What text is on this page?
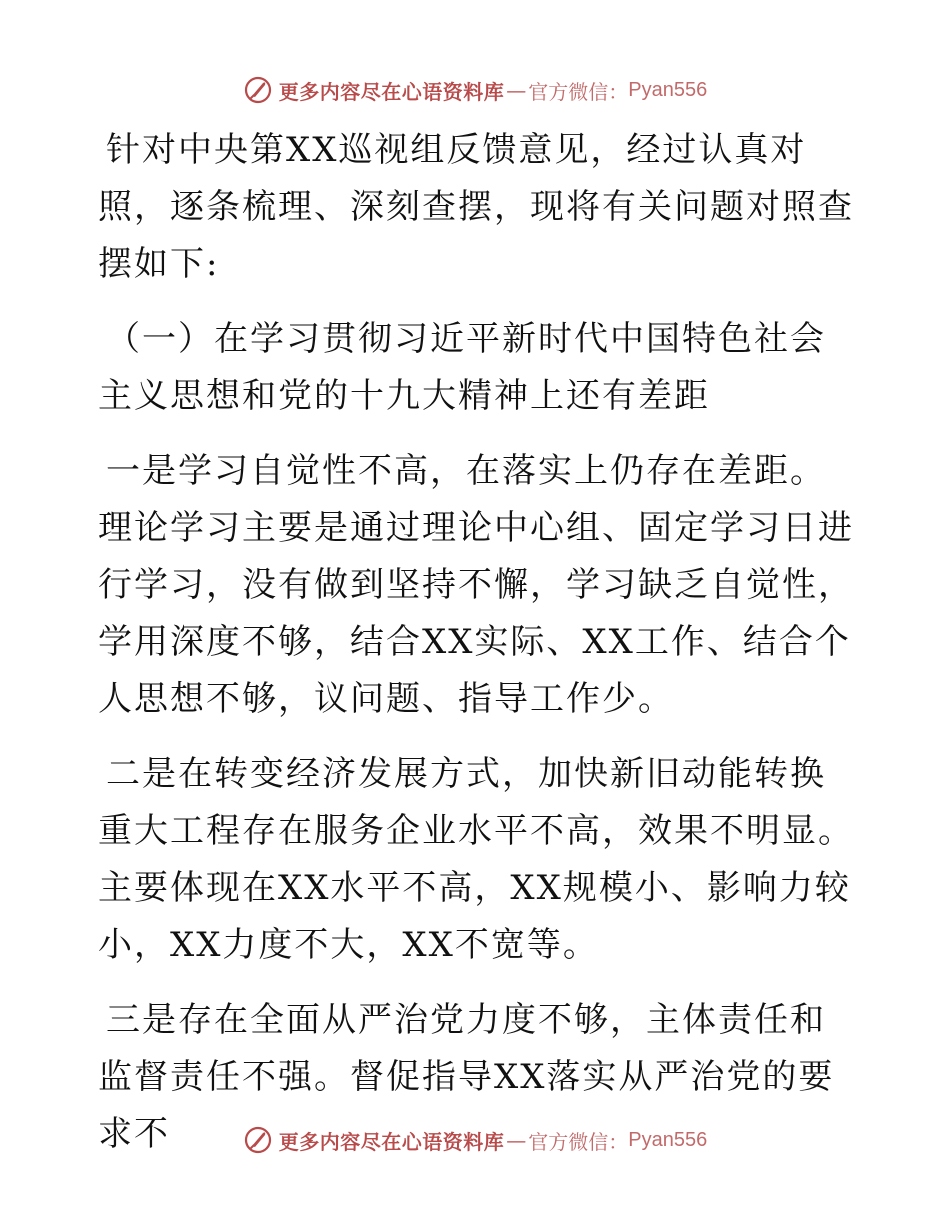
更多内容尽在心语资料库 — 官方微信： Pyan556

针对中央第XX巡视组反馈意见，经过认真对照，逐条梳理、深刻查摆，现将有关问题对照查摆如下:

（一）在学习贯彻习近平新时代中国特色社会主义思想和党的十九大精神上还有差距

一是学习自觉性不高，在落实上仍存在差距。理论学习主要是通过理论中心组、固定学习日进行学习，没有做到坚持不懈，学习缺乏自觉性，学用深度不够，结合XX实际、XX工作、结合个人思想不够，议问题、指导工作少。

二是在转变经济发展方式，加快新旧动能转换重大工程存在服务企业水平不高，效果不明显。主要体现在XX水平不高，XX规模小、影响力较小，XX力度不大，XX不宽等。

三是存在全面从严治党力度不够，主体责任和监督责任不强。督促指导XX落实从严治党的要求不	更多内容尽在心语资料库 — 官方微信： Pyan556
